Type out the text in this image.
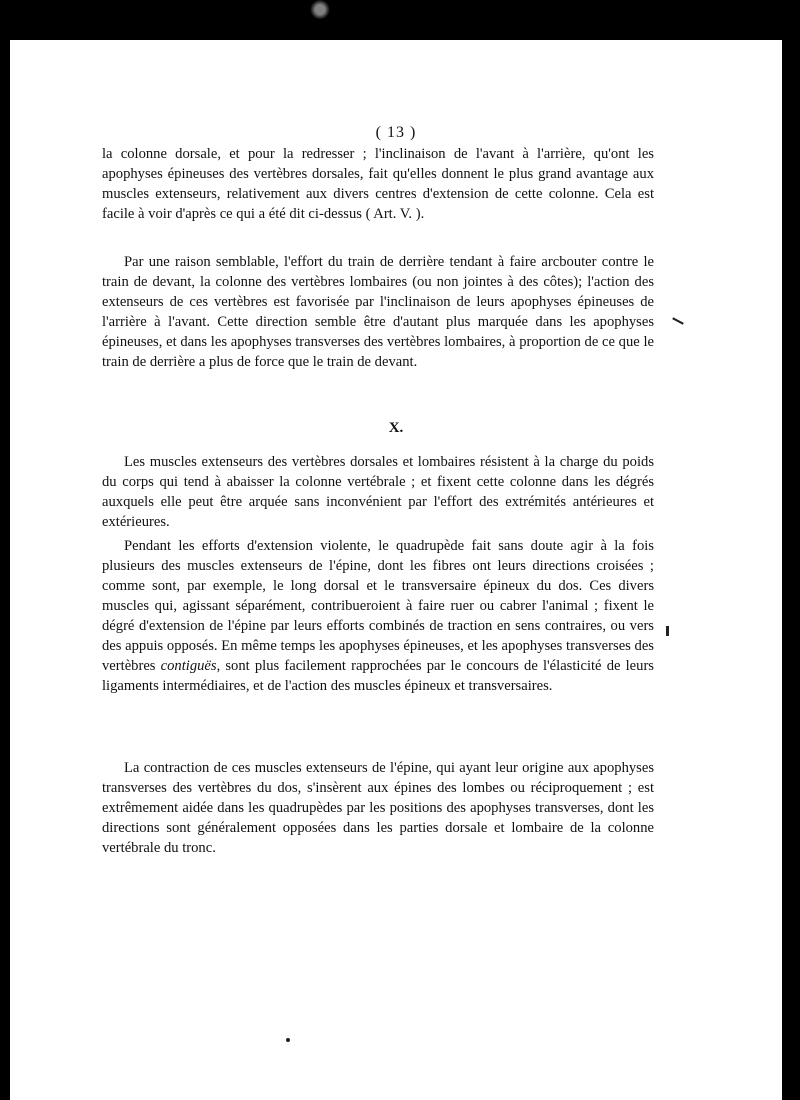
( 13 )

la colonne dorsale, et pour la redresser ; l'inclinaison de l'avant à l'arrière, qu'ont les apophyses épineuses des vertèbres dorsales, fait qu'elles donnent le plus grand avantage aux muscles extenseurs, relativement aux divers centres d'extension de cette colonne. Cela est facile à voir d'après ce qui a été dit ci-dessus ( Art. V. ).

Par une raison semblable, l'effort du train de derrière tendant à faire arcbouter contre le train de devant, la colonne des vertèbres lombaires (ou non jointes à des côtes); l'action des extenseurs de ces vertèbres est favorisée par l'inclinaison de leurs apophyses épineuses de l'arrière à l'avant. Cette direction semble être d'autant plus marquée dans les apophyses épineuses, et dans les apophyses transverses des vertèbres lombaires, à proportion de ce que le train de derrière a plus de force que le train de devant.

X.

Les muscles extenseurs des vertèbres dorsales et lombaires résistent à la charge du poids du corps qui tend à abaisser la colonne vertébrale ; et fixent cette colonne dans les dégrés auxquels elle peut être arquée sans inconvénient par l'effort des extrémités antérieures et extérieures.

Pendant les efforts d'extension violente, le quadrupède fait sans doute agir à la fois plusieurs des muscles extenseurs de l'épine, dont les fibres ont leurs directions croisées ; comme sont, par exemple, le long dorsal et le transversaire épineux du dos. Ces divers muscles qui, agissant séparément, contribueroient à faire ruer ou cabrer l'animal ; fixent le dégré d'extension de l'épine par leurs efforts combinés de traction en sens contraires, ou vers des appuis opposés. En même temps les apophyses épineuses, et les apophyses transverses des vertèbres contiguës, sont plus facilement rapprochées par le concours de l'élasticité de leurs ligaments intermédiaires, et de l'action des muscles épineux et transversaires.

La contraction de ces muscles extenseurs de l'épine, qui ayant leur origine aux apophyses transverses des vertèbres du dos, s'insèrent aux épines des lombes ou réciproquement ; est extrêmement aidée dans les quadrupèdes par les positions des apophyses transverses, dont les directions sont généralement opposées dans les parties dorsale et lombaire de la colonne vertébrale du tronc.
